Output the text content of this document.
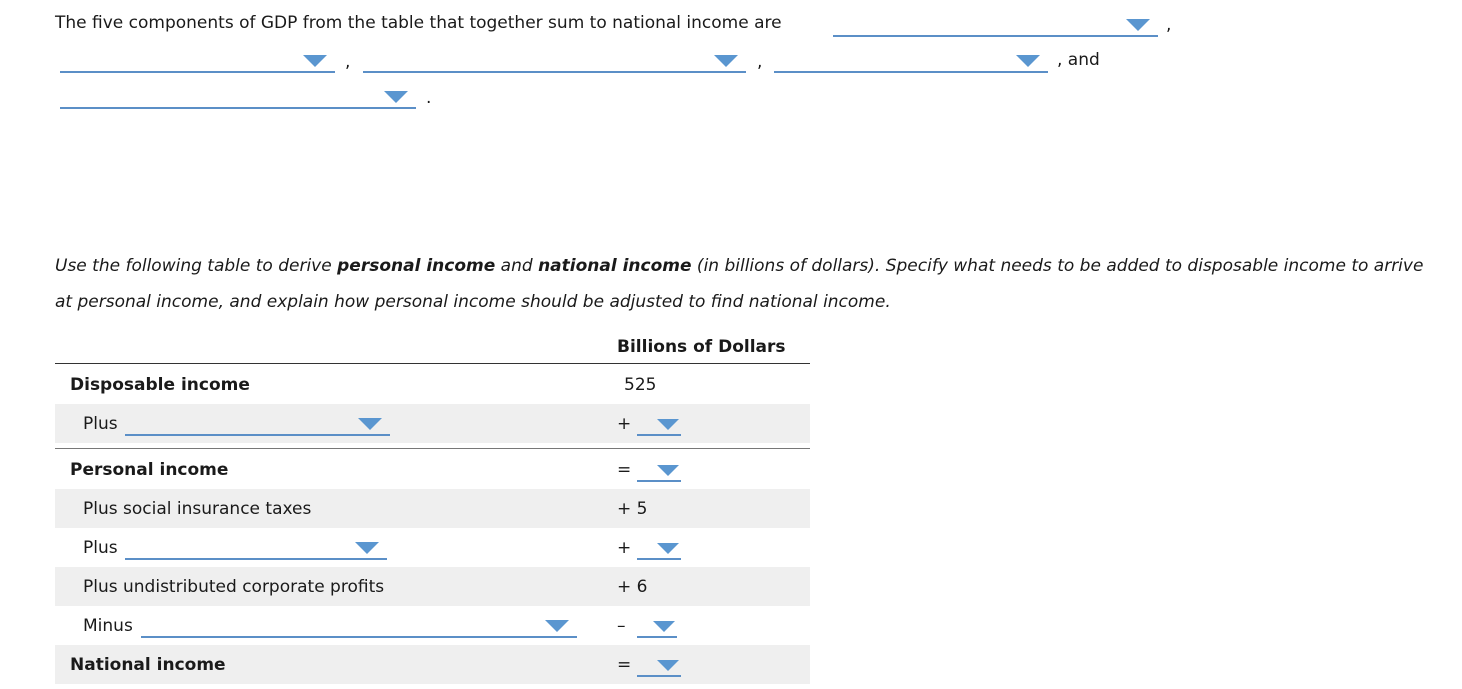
The five components of GDP from the table that together sum to national income are	,
,	,	, and
.
Use the following table to derive personal income and national income (in billions of dollars). Specify what needs to be added to disposable income to arrive at personal income, and explain how personal income should be adjusted to find national income.
Billions of Dollars
Disposable income	525
Plus	+
Personal income	=
Plus social insurance taxes	+ 5
Plus	+
Plus undistributed corporate profits	+ 6
Minus	–
National income	=
